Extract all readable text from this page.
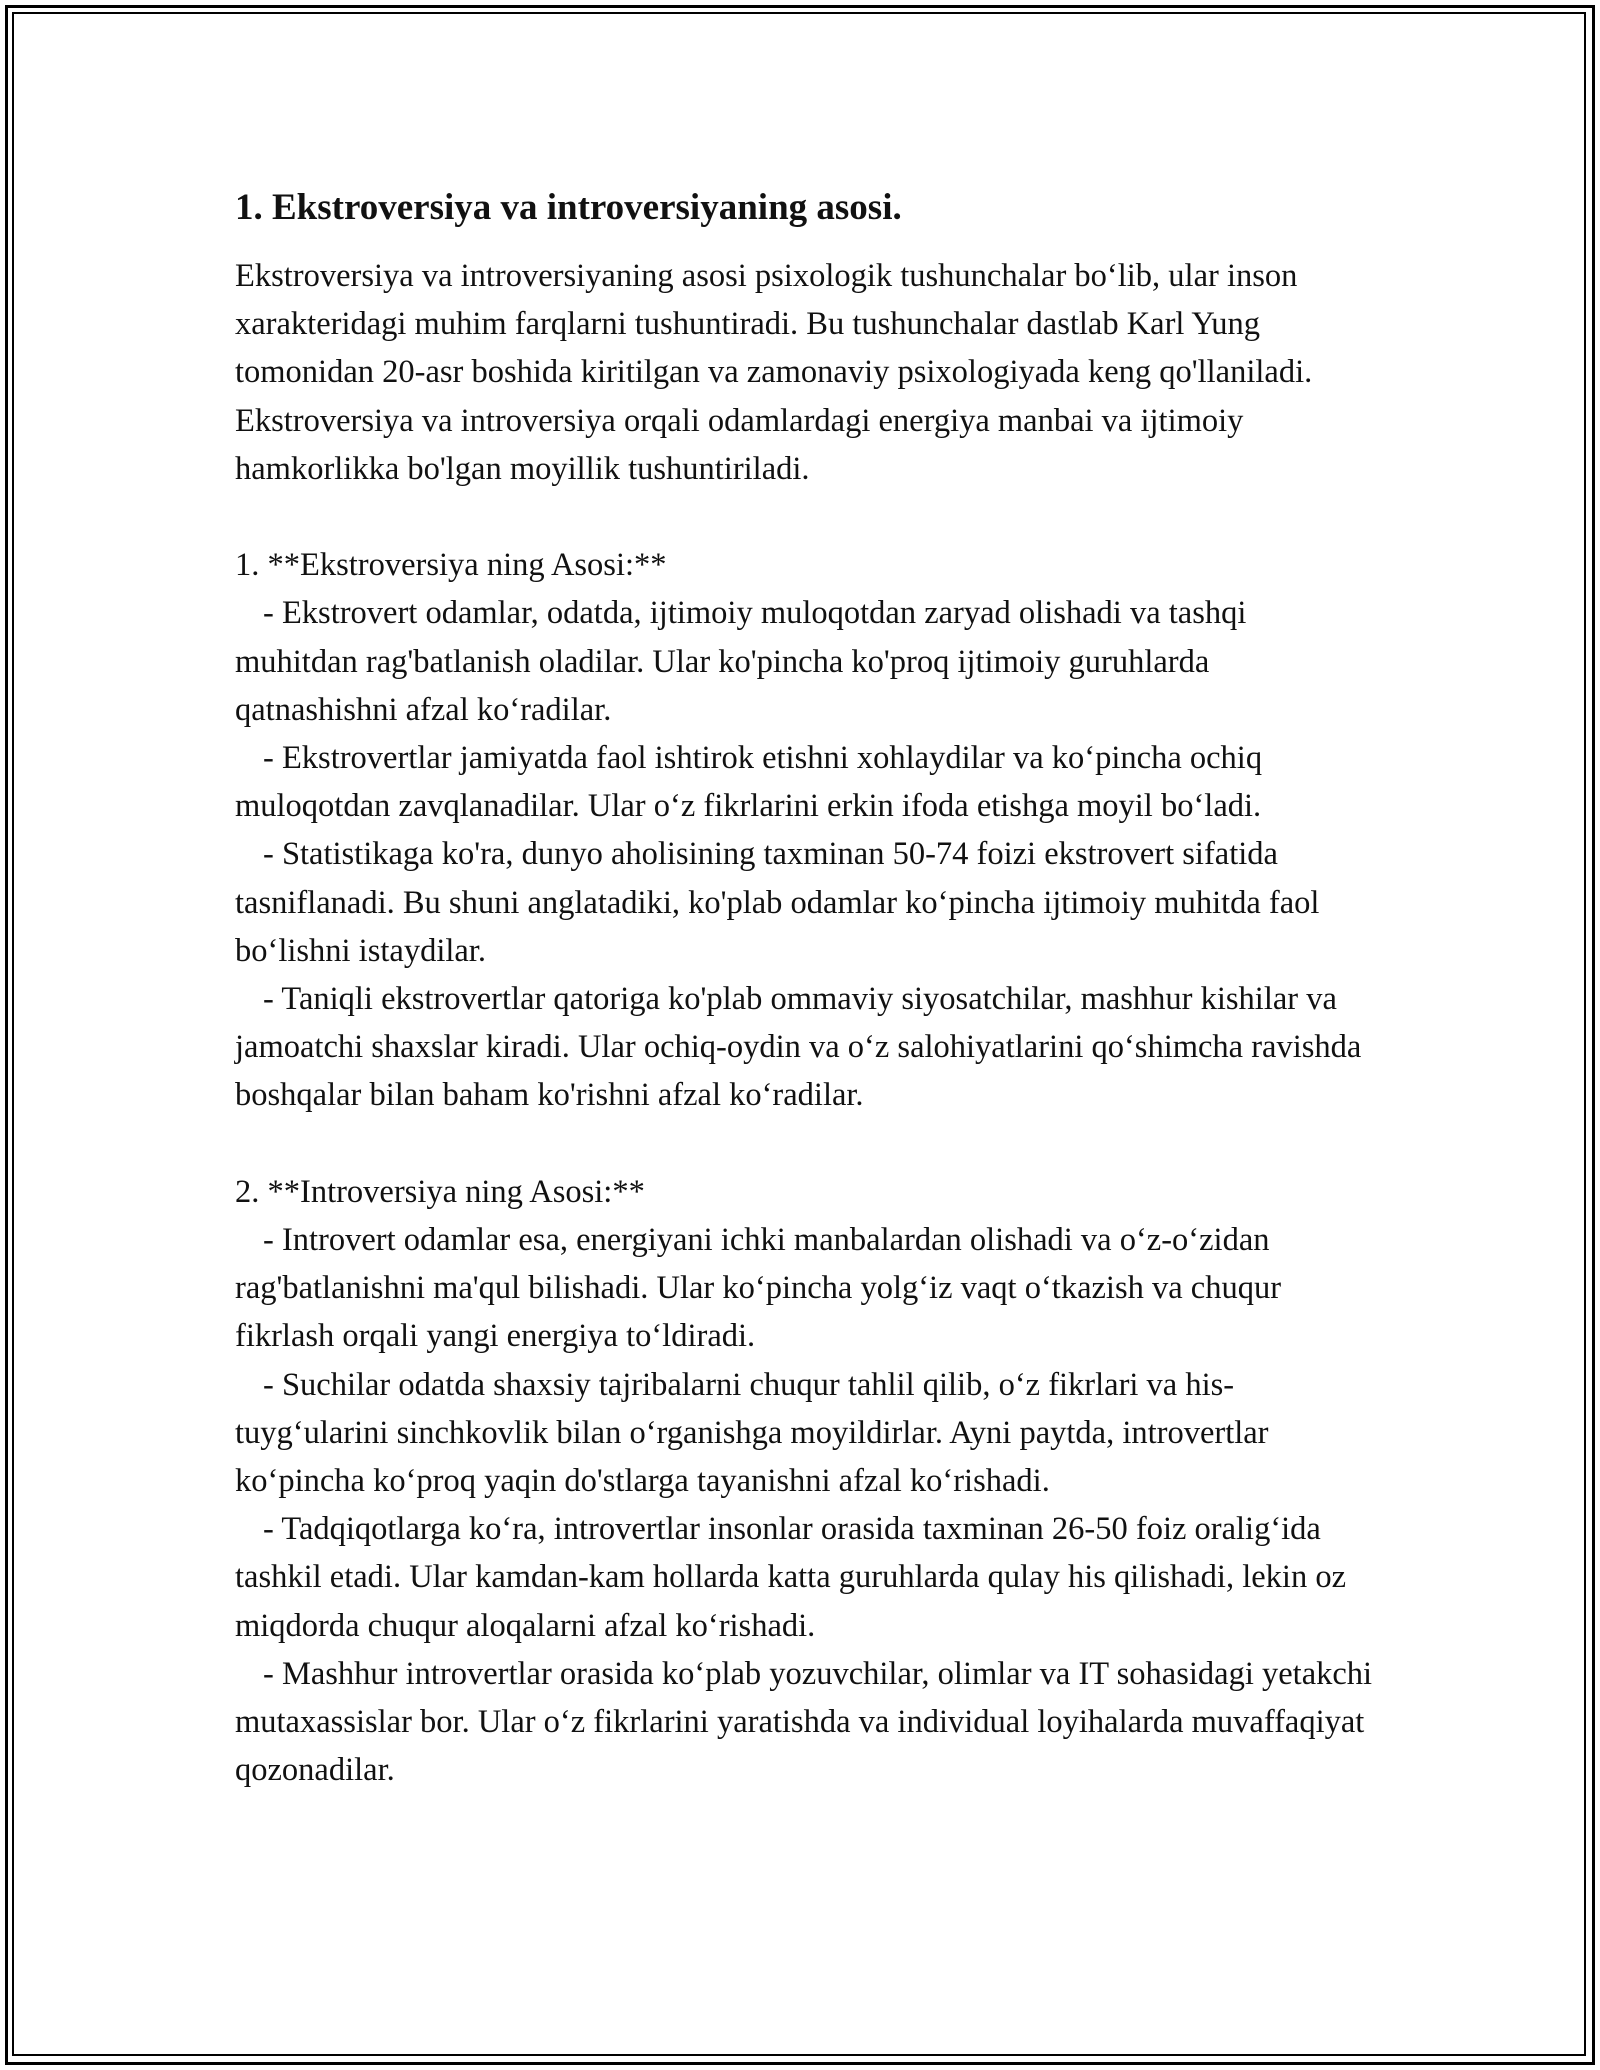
1. Ekstroversiya va introversiyaning asosi.

Ekstroversiya va introversiyaning asosi psixologik tushunchalar bo‘lib, ular inson xarakteridagi muhim farqlarni tushuntiradi. Bu tushunchalar dastlab Karl Yung tomonidan 20-asr boshida kiritilgan va zamonaviy psixologiyada keng qo'llaniladi. Ekstroversiya va introversiya orqali odamlardagi energiya manbai va ijtimoiy hamkorlikka bo'lgan moyillik tushuntiriladi.

1. **Ekstroversiya ning Asosi:**

- Ekstrovert odamlar, odatda, ijtimoiy muloqotdan zaryad olishadi va tashqi muhitdan rag'batlanish oladilar. Ular ko'pincha ko'proq ijtimoiy guruhlarda qatnashishni afzal ko‘radilar.

- Ekstrovertlar jamiyatda faol ishtirok etishni xohlaydilar va ko‘pincha ochiq muloqotdan zavqlanadilar. Ular o‘z fikrlarini erkin ifoda etishga moyil bo‘ladi.

- Statistikaga ko'ra, dunyo aholisining taxminan 50-74 foizi ekstrovert sifatida tasniflanadi. Bu shuni anglatadiki, ko'plab odamlar ko‘pincha ijtimoiy muhitda faol bo‘lishni istaydilar.

- Taniqli ekstrovertlar qatoriga ko'plab ommaviy siyosatchilar, mashhur kishilar va jamoatchi shaxslar kiradi. Ular ochiq-oydin va o‘z salohiyatlarini qo‘shimcha ravishda boshqalar bilan baham ko'rishni afzal ko‘radilar.

2. **Introversiya ning Asosi:**

- Introvert odamlar esa, energiyani ichki manbalardan olishadi va o‘z-o‘zidan rag'batlanishni ma'qul bilishadi. Ular ko‘pincha yolg‘iz vaqt o‘tkazish va chuqur fikrlash orqali yangi energiya to‘ldiradi.

- Suchilar odatda shaxsiy tajribalarni chuqur tahlil qilib, o‘z fikrlari va his-tuyg‘ularini sinchkovlik bilan o‘rganishga moyildirlar. Ayni paytda, introvertlar ko‘pincha ko‘proq yaqin do'stlarga tayanishni afzal ko‘rishadi.

- Tadqiqotlarga ko‘ra, introvertlar insonlar orasida taxminan 26-50 foiz oralig‘ida tashkil etadi. Ular kamdan-kam hollarda katta guruhlarda qulay his qilishadi, lekin oz miqdorda chuqur aloqalarni afzal ko‘rishadi.

- Mashhur introvertlar orasida ko‘plab yozuvchilar, olimlar va IT sohasidagi yetakchi mutaxassislar bor. Ular o‘z fikrlarini yaratishda va individual loyihalarda muvaffaqiyat qozonadilar.
